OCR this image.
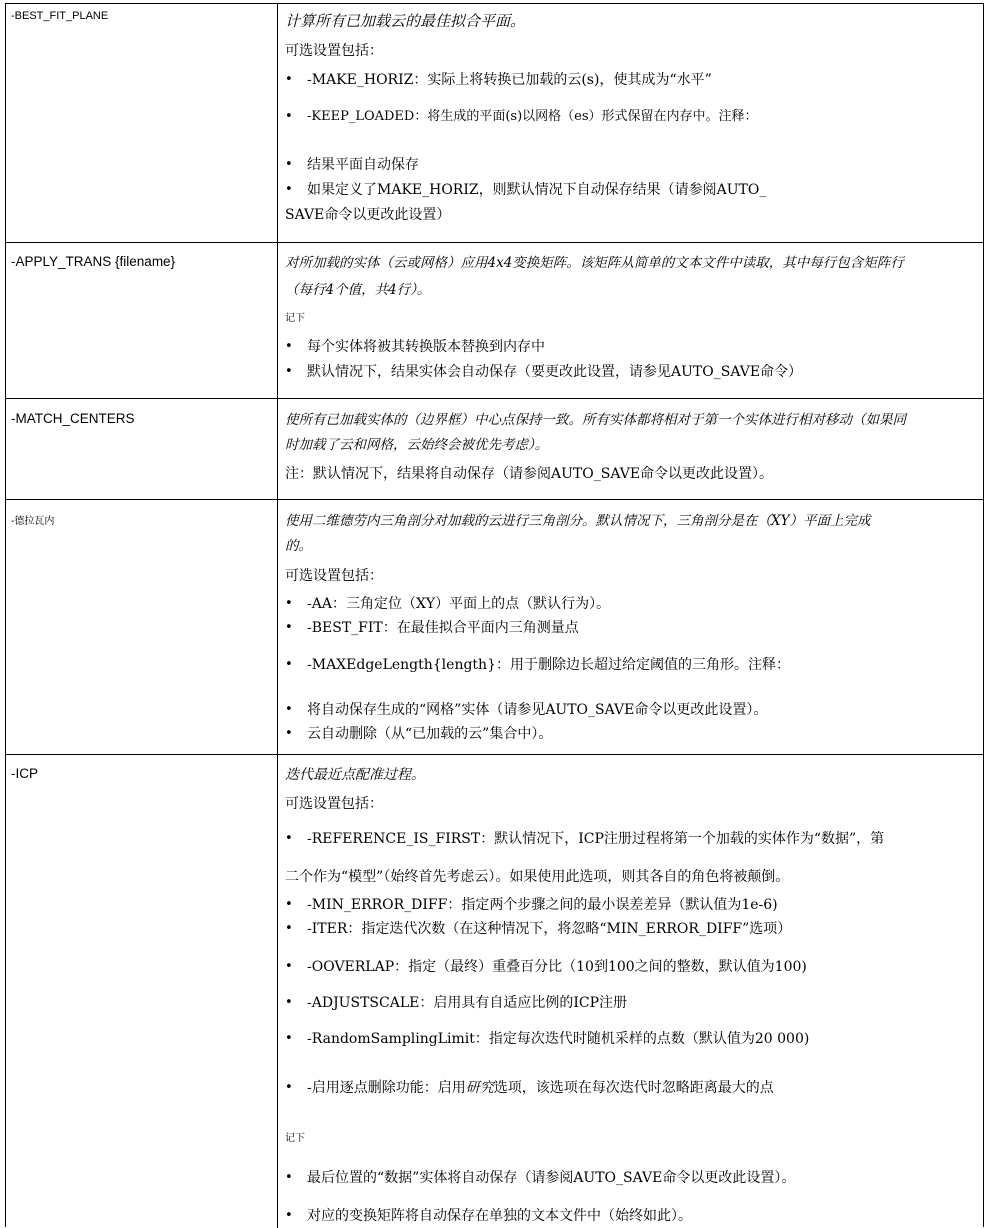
-BEST_FIT_PLANE	计算所有已加载云的最佳拟合平面。
可选设置包括：
• -MAKE_HORIZ：实际上将转换已加载的云(s)，使其成为“水平”
• -KEEP_LOADED：将生成的平面(s)以网格（es）形式保留在内存中。注释：
• 结果平面自动保存
• 如果定义了MAKE_HORIZ，则默认情况下自动保存结果（请参阅AUTO_
SAVE命令以更改此设置）
-APPLY_TRANS {filename}	对所加载的实体（云或网格）应用4x4变换矩阵。该矩阵从简单的文本文件中读取，其中每行包含矩阵行
（每行4个值，共4行）。
记下
• 每个实体将被其转换版本替换到内存中
• 默认情况下，结果实体会自动保存（要更改此设置，请参见AUTO_SAVE命令）
-MATCH_CENTERS	使所有已加载实体的（边界框）中心点保持一致。所有实体都将相对于第一个实体进行相对移动（如果同
时加载了云和网格，云始终会被优先考虑）。
注：默认情况下，结果将自动保存（请参阅AUTO_SAVE命令以更改此设置）。
-德拉瓦内	使用二维德劳内三角剖分对加载的云进行三角剖分。默认情况下，三角剖分是在（XY）平面上完成
的。
可选设置包括：
• -AA：三角定位（XY）平面上的点（默认行为）。
• -BEST_FIT：在最佳拟合平面内三角测量点
• -MAXEdgeLength{length}：用于删除边长超过给定阈值的三角形。注释：
• 将自动保存生成的“网格”实体（请参见AUTO_SAVE命令以更改此设置）。
• 云自动删除（从“已加载的云”集合中）。
-ICP	迭代最近点配准过程。
可选设置包括：
• -REFERENCE_IS_FIRST：默认情况下，ICP注册过程将第一个加载的实体作为“数据”，第
二个作为“模型”（始终首先考虑云）。如果使用此选项，则其各自的角色将被颠倒。
• -MIN_ERROR_DIFF：指定两个步骤之间的最小误差差异（默认值为1e-6)
• -ITER：指定迭代次数（在这种情况下，将忽略“MIN_ERROR_DIFF”选项）
• -OOVERLAP：指定（最终）重叠百分比（10到100之间的整数，默认值为100)
• -ADJUSTSCALE：启用具有自适应比例的ICP注册
• -RandomSamplingLimit：指定每次迭代时随机采样的点数（默认值为20 000)
• -启用逐点删除功能：启用研究选项，该选项在每次迭代时忽略距离最大的点
记下
• 最后位置的“数据”实体将自动保存（请参阅AUTO_SAVE命令以更改此设置）。
• 对应的变换矩阵将自动保存在单独的文本文件中（始终如此）。
